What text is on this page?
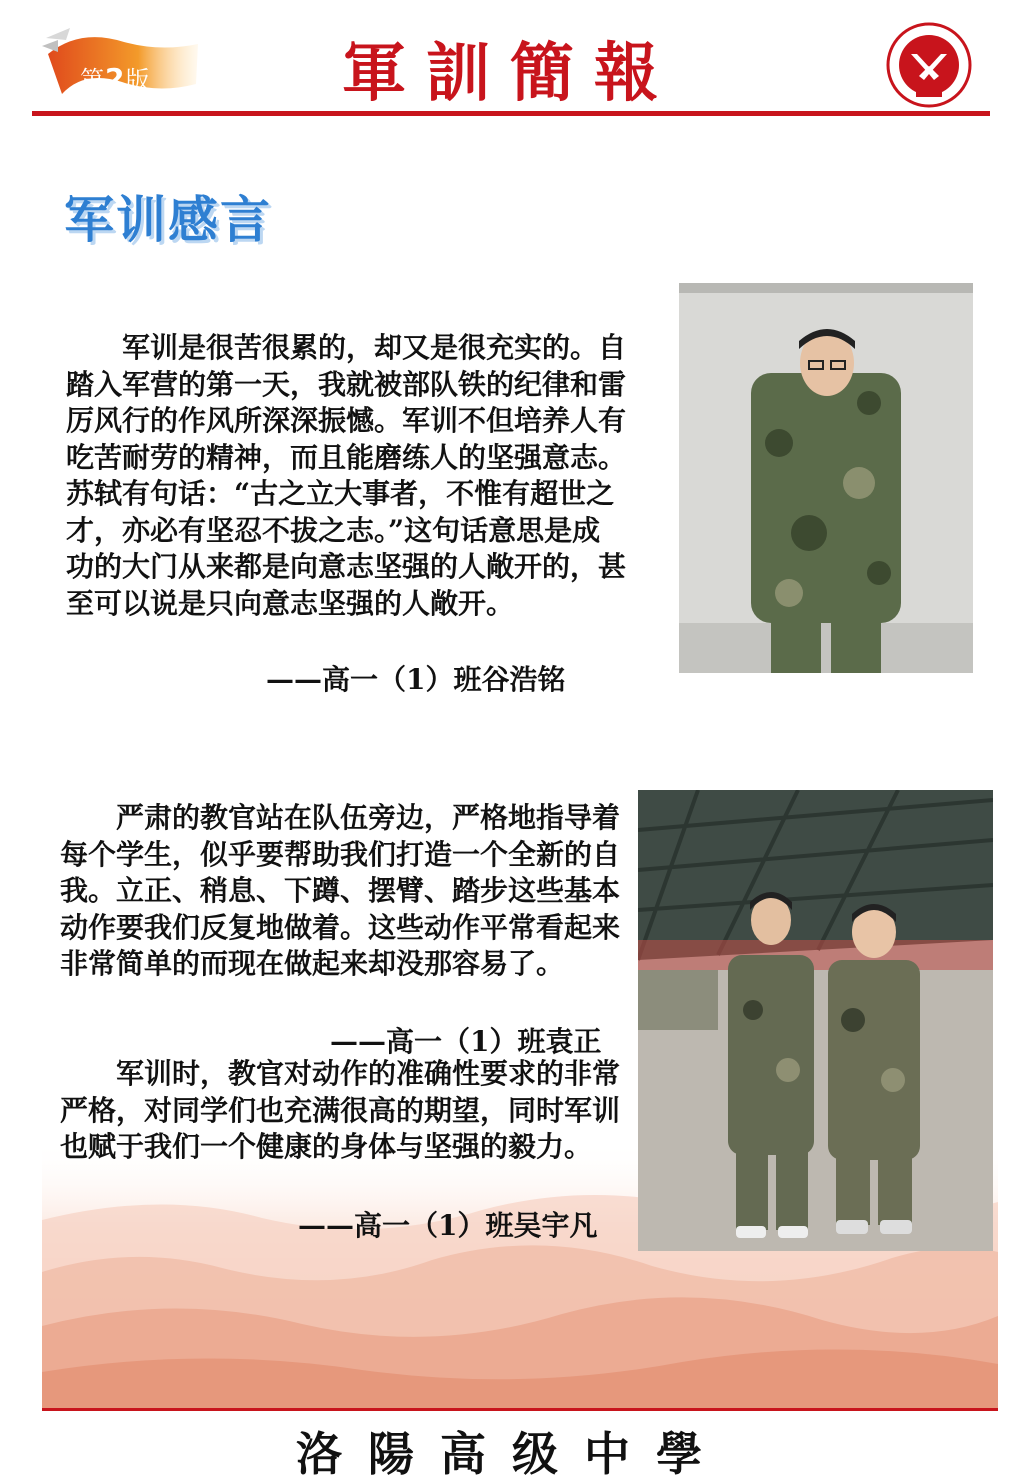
第2版	軍訓簡報
军训感言

军训是很苦很累的，却又是很充实的。自踏入军营的第一天，我就被部队铁的纪律和雷厉风行的作风所深深振憾。军训不但培养人有吃苦耐劳的精神，而且能磨练人的坚强意志。苏轼有句话：“古之立大事者，不惟有超世之才，亦必有坚忍不拔之志。”这句话意思是成功的大门从来都是向意志坚强的人敞开的，甚至可以说是只向意志坚强的人敞开。

——高一（1）班谷浩铭

严肃的教官站在队伍旁边，严格地指导着每个学生，似乎要帮助我们打造一个全新的自我。立正、稍息、下蹲、摆臂、踏步这些基本动作要我们反复地做着。这些动作平常看起来非常简单的而现在做起来却没那容易了。

——高一（1）班袁正

军训时，教官对动作的准确性要求的非常严格，对同学们也充满很高的期望，同时军训也赋于我们一个健康的身体与坚强的毅力。

——高一（1）班吴宇凡
洛陽高级中學
